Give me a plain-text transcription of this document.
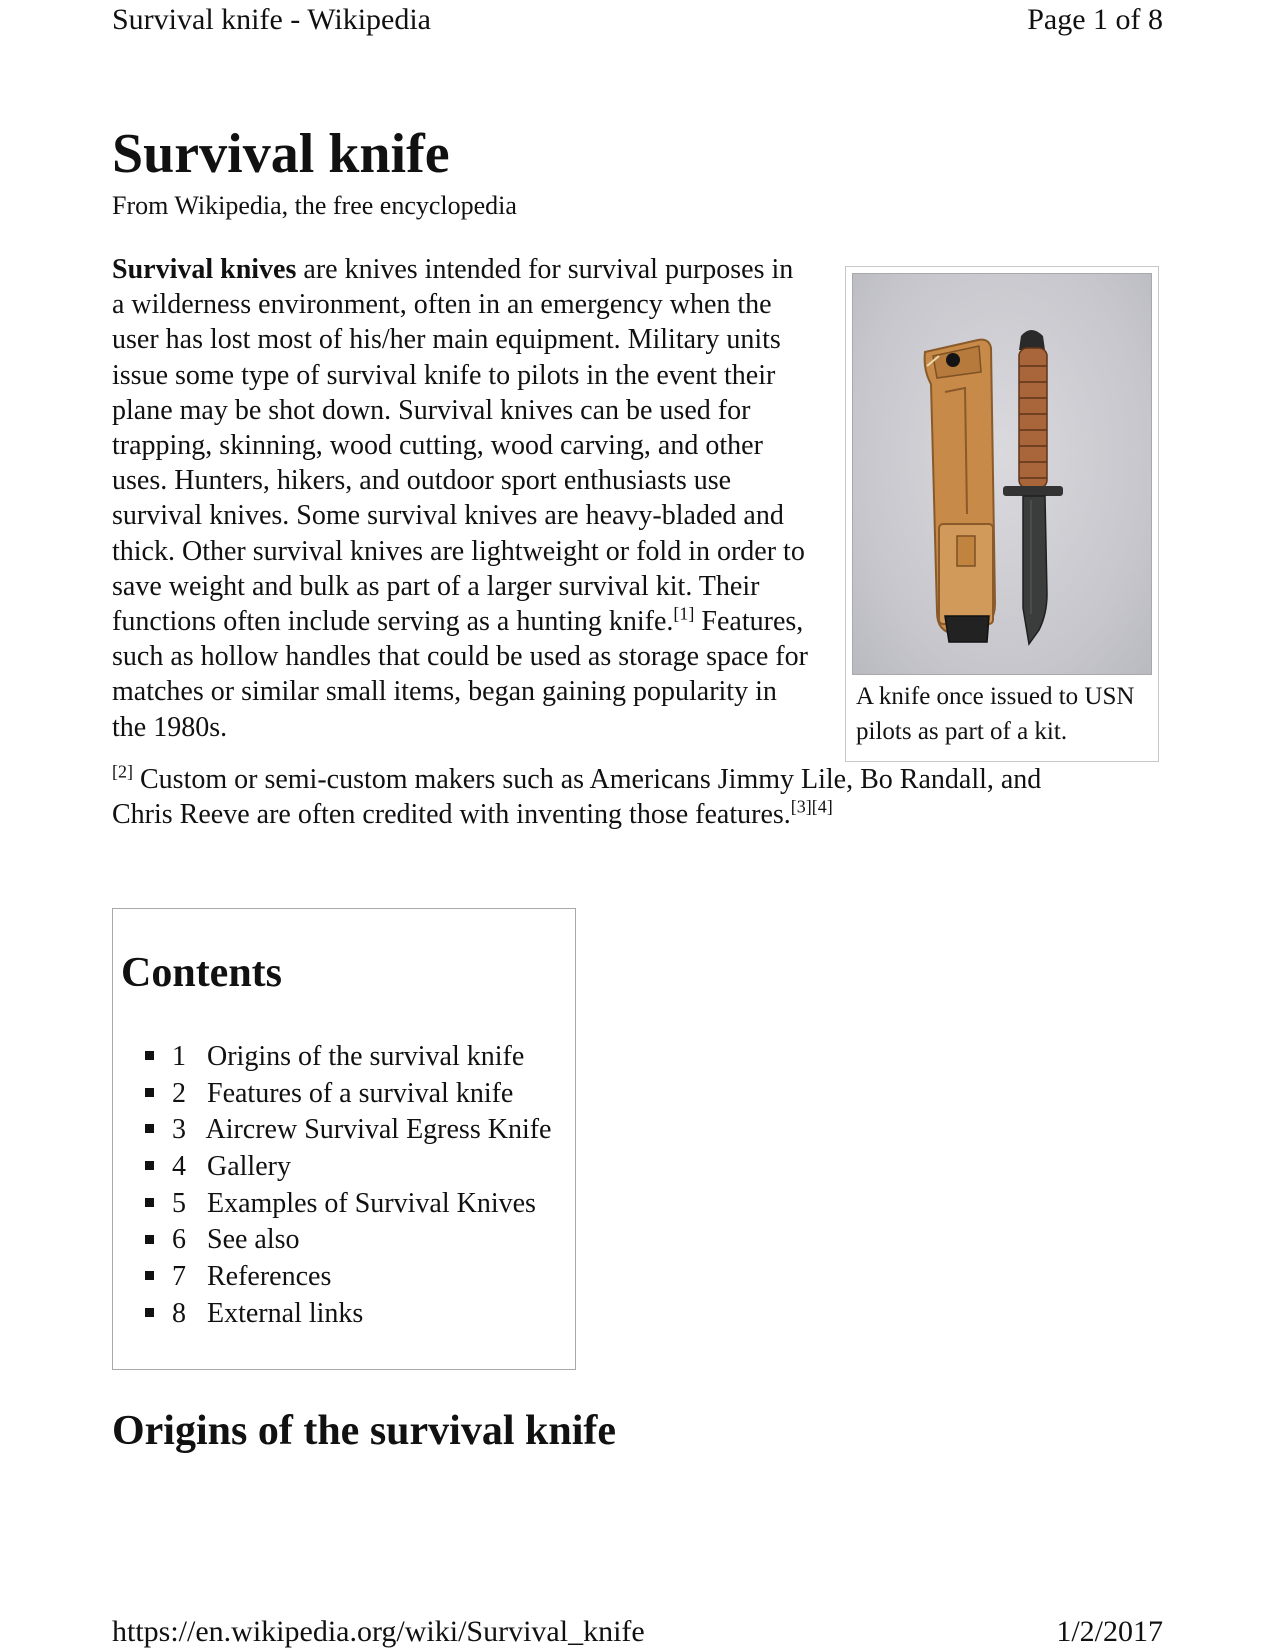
Survival knife - Wikipedia	Page 1 of 8
Survival knife
From Wikipedia, the free encyclopedia
Survival knives are knives intended for survival purposes in a wilderness environment, often in an emergency when the user has lost most of his/her main equipment. Military units issue some type of survival knife to pilots in the event their plane may be shot down. Survival knives can be used for trapping, skinning, wood cutting, wood carving, and other uses. Hunters, hikers, and outdoor sport enthusiasts use survival knives. Some survival knives are heavy-bladed and thick. Other survival knives are lightweight or fold in order to save weight and bulk as part of a larger survival kit. Their functions often include serving as a hunting knife.[1] Features, such as hollow handles that could be used as storage space for matches or similar small items, began gaining popularity in the 1980s.
[2] Custom or semi-custom makers such as Americans Jimmy Lile, Bo Randall, and Chris Reeve are often credited with inventing those features.[3][4]
A knife once issued to USN pilots as part of a kit.
Contents
1 Origins of the survival knife
2 Features of a survival knife
3 Aircrew Survival Egress Knife
4 Gallery
5 Examples of Survival Knives
6 See also
7 References
8 External links
Origins of the survival knife
https://en.wikipedia.org/wiki/Survival_knife	1/2/2017
